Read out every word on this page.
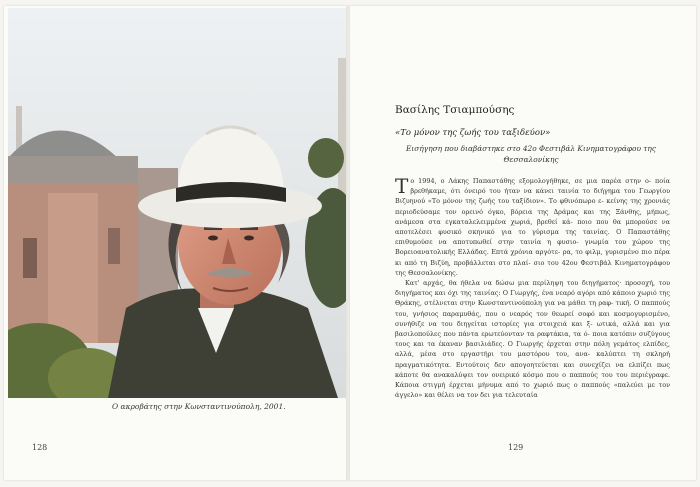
Ο ακροβάτης στην Κωνσταντινούπολη, 2001.
128
Βασίλης Τσιαμπούσης
«Το μόνον της ζωής του ταξιδεύον»
Εισήγηση που διαβάστηκε στο 42ο Φεστιβάλ Κινηματογράφου της Θεσσαλονίκης

Το 1994, ο Λάκης Παπαστάθης εξομολογήθηκε, σε μια παρέα στην ο- ποία βρεθήκαμε, ότι όνειρό του ήταν να κάνει ταινία το διήγημα του Γεωργίου Βιζυηνού «Το μόνον της ζωής του ταξίδιον». Το φθινόπωρο ε- κείνης της χρονιάς περιοδεύσαμε τον ορεινό όγκο, βόρεια της Δράμας και της Ξάνθης, μήπως, ανάμεσα στα εγκαταλελειμμένα χωριά, βρεθεί κά- ποιο που θα μπορούσε να αποτελέσει φυσικό σκηνικό για το γύρισμα της ταινίας. Ο Παπαστάθης επιθυμούσε να αποτυπωθεί στην ταινία η φυσιο- γνωμία του χώρου της Βορειοανατολικής Ελλάδας. Επτά χρόνια αργότε- ρα, το φιλμ, γυρισμένο πιο πέρα κι από τη Βιζύη, προβάλλεται στο πλαί- σιο του 42ου Φεστιβάλ Κινηματογράφου της Θεσσαλονίκης.

Κατ' αρχάς, θα ήθελα να δώσω μια περίληψη του διηγήματος· προσοχή, του διηγήματος και όχι της ταινίας: Ο Γιωργής, ένα νεαρό αγόρι από κάποιο χωριό της Θράκης, στέλνεται στην Κωνσταντινούπολη για να μάθει τη ραφ- τική. Ο παππούς του, γνήσιος παραμυθάς, που ο νεαρός τον θεωρεί σοφό και κοσμογυρισμένο, συνήθιζε να του διηγείται ιστορίες για στοιχειά και ξ- ωτικά, αλλά και για βασιλοπούλες που πάντα ερωτεύονταν τα ραφτάκια, τα ό- ποια κατόπιν συζύγους τους και τα έκαναν βασιλιάδες. Ο Γιωργής έρχεται στην πόλη γεμάτος ελπίδες, αλλά, μέσα στο εργαστήρι του μαστόρου του, ανα- καλύπτει τη σκληρή πραγματικότητα. Εντούτοις δεν απογοητεύεται και συνεχίζει να ελπίζει πως κάποτε θα ανακαλύψει τον ονειρικό κόσμο που ο παππούς του του περιέγραφε. Κάποια στιγμή έρχεται μήνυμα από το χωριό πως ο παππούς «παλεύει με τον άγγελο» και θέλει να τον δει για τελευταία

129
